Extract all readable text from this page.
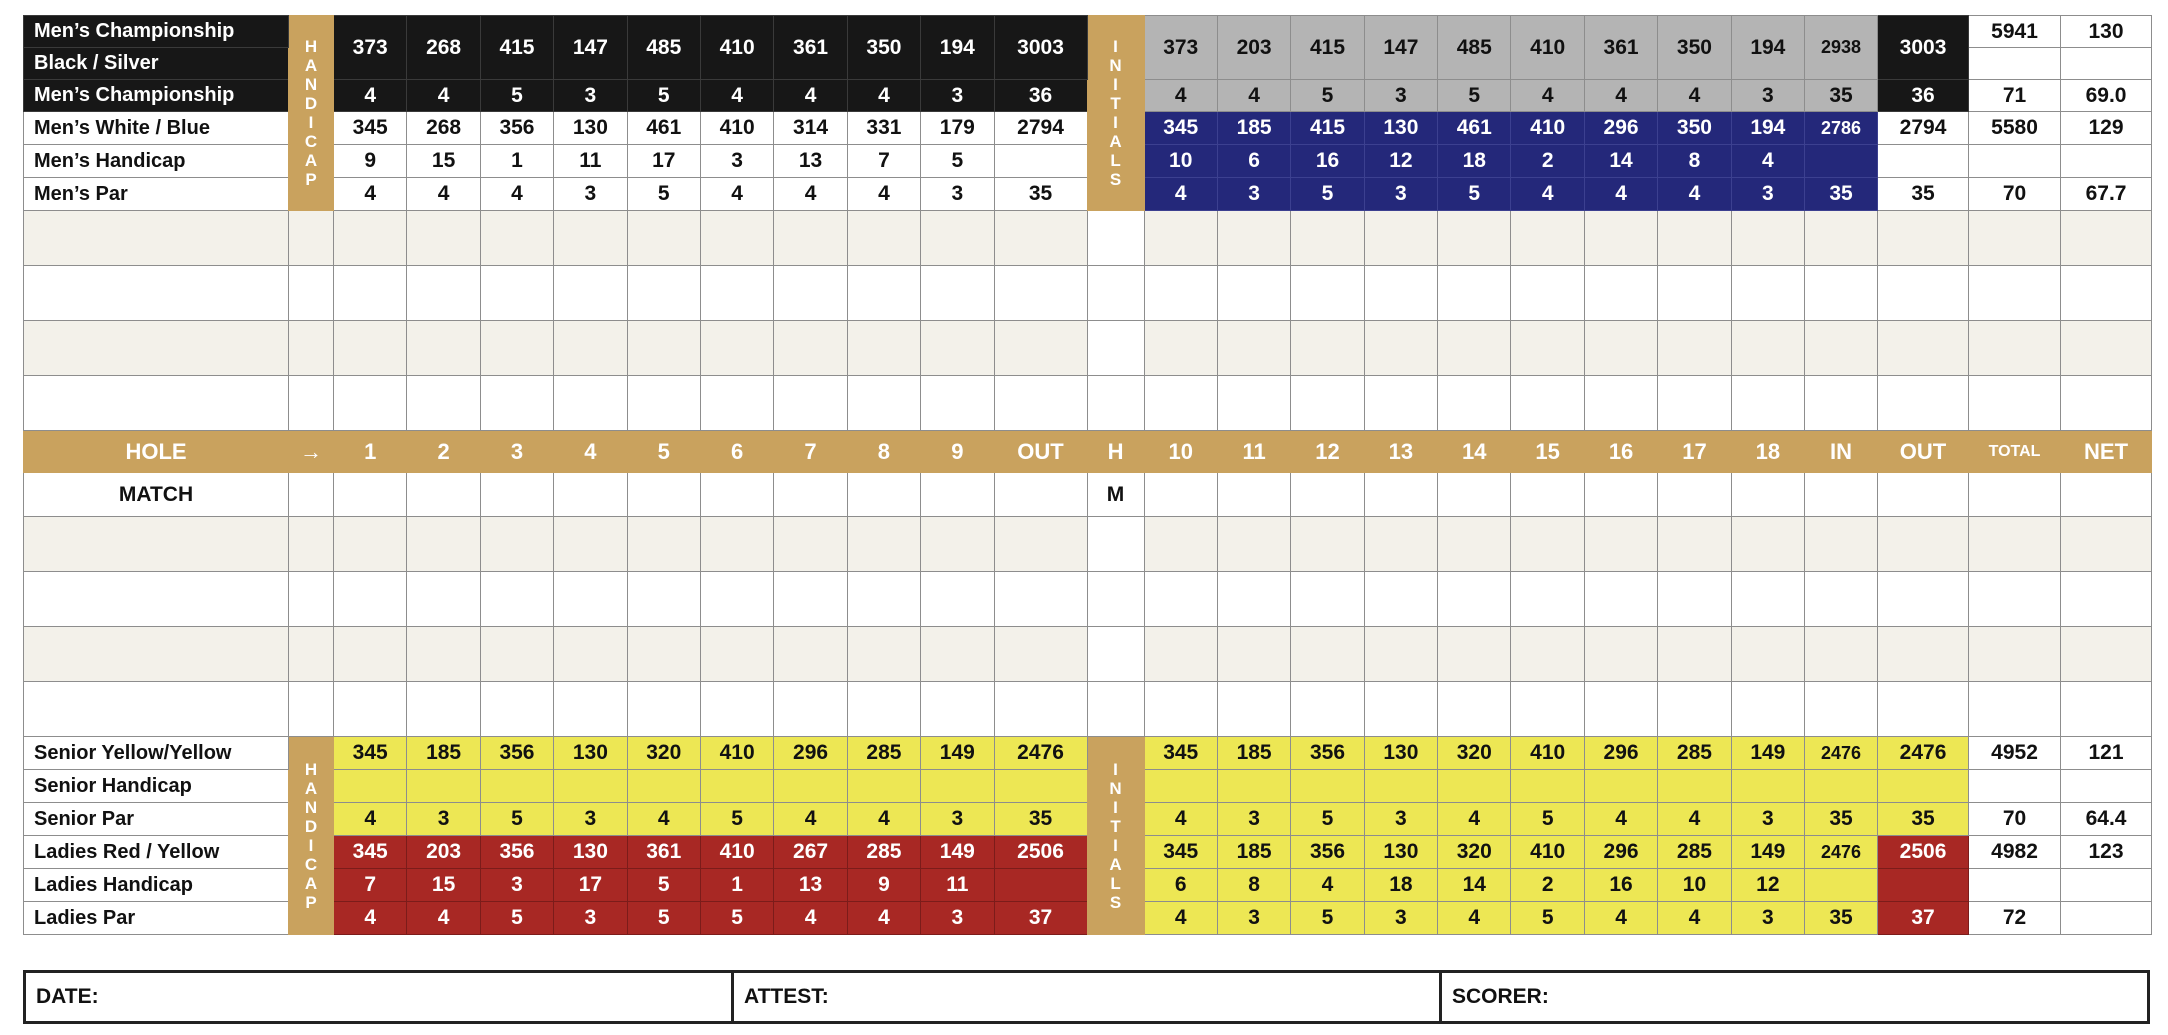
Men’s Championship	HANDICAP	373	268	415	147	485	410	361	350	194	3003	INITIALS	373	203	415	147	485	410	361	350	194	2938	3003	5941	130
Black / Silver																									
Men’s Championship		4	4	5	3	5	4	4	4	3	36		4	4	5	3	5	4	4	4	3	35	36	71	69.0
Men’s White / Blue		345	268	356	130	461	410	314	331	179	2794		345	185	415	130	461	410	296	350	194	2786	2794	5580	129
Men’s Handicap		9	15	1	11	17	3	13	7	5			10	6	16	12	18	2	14	8	4				
Men’s Par		4	4	4	3	5	4	4	4	3	35		4	3	5	3	5	4	4	4	3	35	35	70	67.7

HOLE	→	1	2	3	4	5	6	7	8	9	OUT	H	10	11	12	13	14	15	16	17	18	IN	OUT	TOTAL	NET
MATCH												M													

Senior Yellow/Yellow	HANDICAP	345	185	356	130	320	410	296	285	149	2476	INITIALS	345	185	356	130	320	410	296	285	149	2476	2476	4952	121
Senior Handicap																									
Senior Par		4	3	5	3	4	5	4	4	3	35		4	3	5	3	4	5	4	4	3	35	35	70	64.4
Ladies Red / Yellow		345	203	356	130	361	410	267	285	149	2506		345	185	356	130	320	410	296	285	149	2476	2506	4982	123
Ladies Handicap		7	15	3	17	5	1	13	9	11			6	8	4	18	14	2	16	10	12				
Ladies Par		4	4	5	3	5	5	4	4	3	37		4	3	5	3	4	5	4	4	3	35	37	72	
DATE:	ATTEST:	SCORER:
